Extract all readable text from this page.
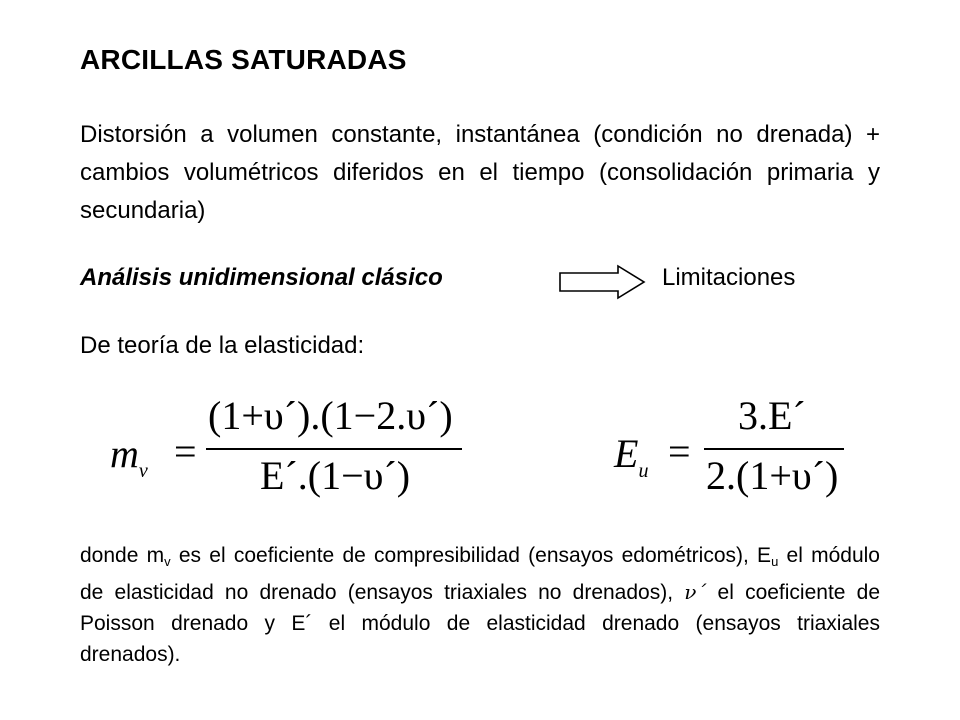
ARCILLAS SATURADAS
Distorsión a volumen constante, instantánea (condición no drenada) + cambios volumétricos diferidos en el tiempo (consolidación primaria y secundaria)
Análisis unidimensional clásico	Limitaciones
De teoría de la elasticidad:
$m_v$ =
(1+υ´).(1−2.υ´)
E´.(1−υ´)	$E_u$ =
3.E´
2.(1+υ´)
donde $m_v$ es el coeficiente de compresibilidad (ensayos edométricos), $E_u$ el módulo de elasticidad no drenado (ensayos triaxiales no drenados), ν´ el coeficiente de Poisson drenado y E´ el módulo de elasticidad drenado (ensayos triaxiales drenados).
